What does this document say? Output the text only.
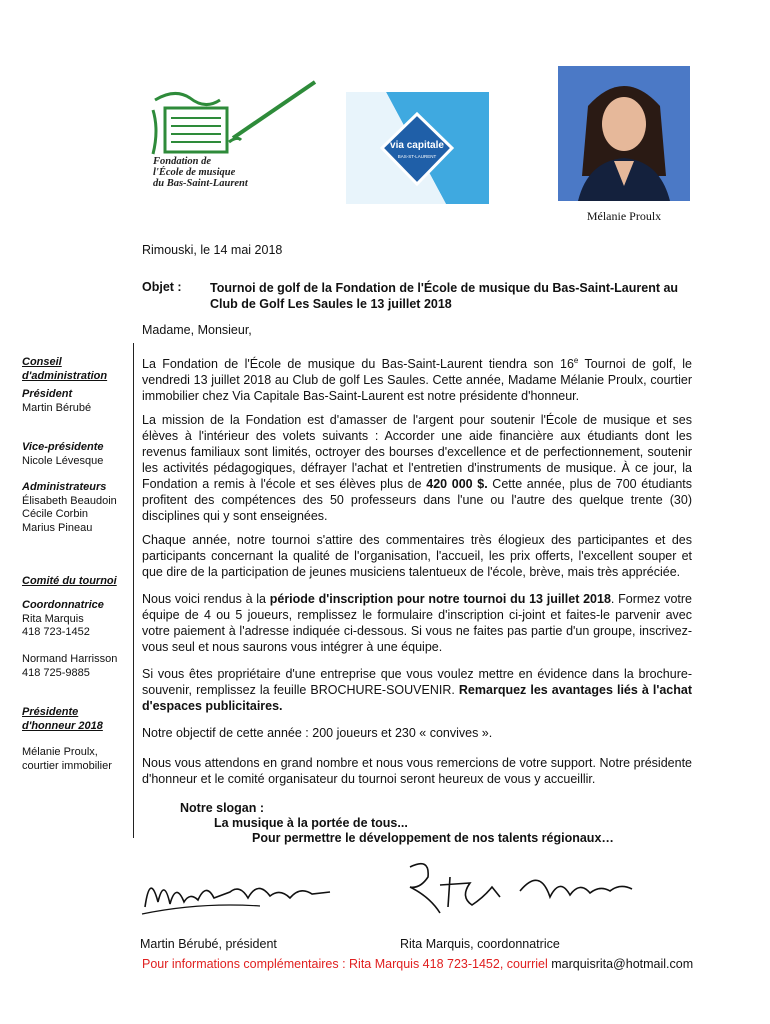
Fondation de
l'École de musique
du Bas-Saint-Laurent
via capitale
BAS-ST-LAURENT
Mélanie Proulx
Rimouski, le 14 mai 2018
Objet : Tournoi de golf de la Fondation de l'École de musique du Bas-Saint-Laurent au Club de Golf Les Saules le 13 juillet 2018
Madame, Monsieur,
Conseil d'administration
Président
Martin Bérubé
Vice-présidente
Nicole Lévesque
Administrateurs
Élisabeth Beaudoin
Cécile Corbin
Marius Pineau
Comité du tournoi
Coordonnatrice
Rita Marquis
418 723-1452
Normand Harrisson
418 725-9885
Présidente d'honneur 2018
Mélanie Proulx,
courtier immobilier
La Fondation de l'École de musique du Bas-Saint-Laurent tiendra son 16e Tournoi de golf, le vendredi 13 juillet 2018 au Club de golf Les Saules. Cette année, Madame Mélanie Proulx, courtier immobilier chez Via Capitale Bas-Saint-Laurent est notre présidente d'honneur.
La mission de la Fondation est d'amasser de l'argent pour soutenir l'École de musique et ses élèves à l'intérieur des volets suivants : Accorder une aide financière aux étudiants dont les revenus familiaux sont limités, octroyer des bourses d'excellence et de perfectionnement, soutenir les activités pédagogiques, défrayer l'achat et l'entretien d'instruments de musique. À ce jour, la Fondation a remis à l'école et ses élèves plus de 420 000 $. Cette année, plus de 700 étudiants profitent des compétences des 50 professeurs dans l'une ou l'autre des quelque trente (30) disciplines qui y sont enseignées.
Chaque année, notre tournoi s'attire des commentaires très élogieux des participantes et des participants concernant la qualité de l'organisation, l'accueil, les prix offerts, l'excellent souper et que dire de la participation de jeunes musiciens talentueux de l'école, brève, mais très appréciée.
Nous voici rendus à la période d'inscription pour notre tournoi du 13 juillet 2018. Formez votre équipe de 4 ou 5 joueurs, remplissez le formulaire d'inscription ci-joint et faites-le parvenir avec votre paiement à l'adresse indiquée ci-dessous. Si vous ne faites pas partie d'un groupe, inscrivez-vous seul et nous saurons vous intégrer à une équipe.
Si vous êtes propriétaire d'une entreprise que vous voulez mettre en évidence dans la brochure-souvenir, remplissez la feuille BROCHURE-SOUVENIR. Remarquez les avantages liés à l'achat d'espaces publicitaires.
Notre objectif de cette année : 200 joueurs et 230 « convives ».
Nous vous attendons en grand nombre et nous vous remercions de votre support. Notre présidente d'honneur et le comité organisateur du tournoi seront heureux de vous y accueillir.
Notre slogan :
La musique à la portée de tous...
Pour permettre le développement de nos talents régionaux…
Martin Bérubé, président	Rita Marquis, coordonnatrice
Pour informations complémentaires : Rita Marquis 418 723-1452, courriel marquisrita@hotmail.com
